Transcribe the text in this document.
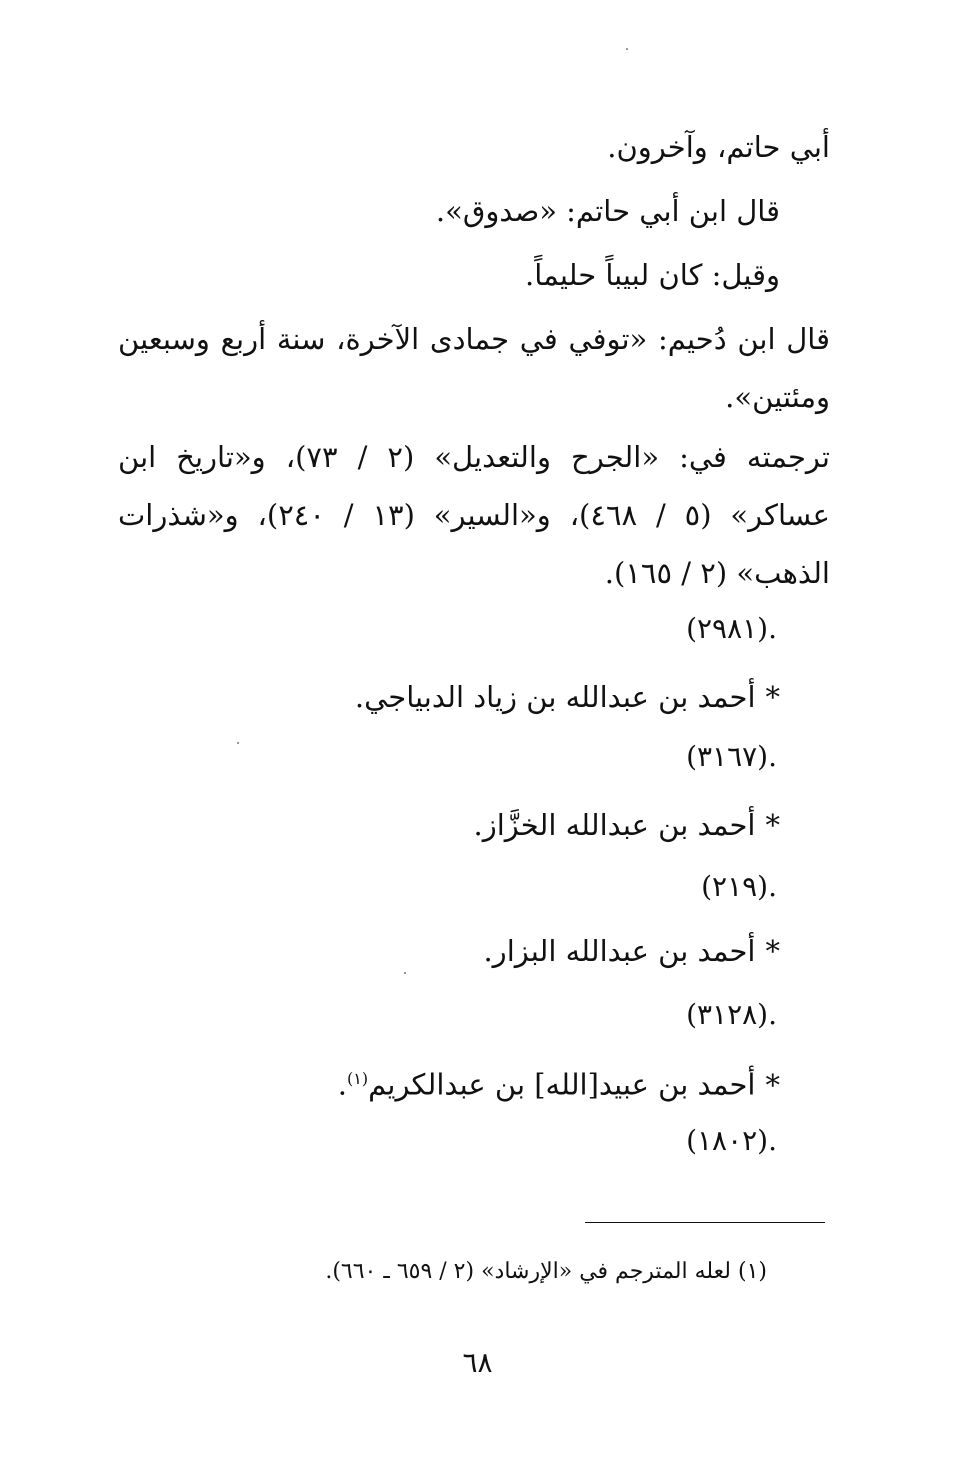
أبي حاتم، وآخرون.
قال ابن أبي حاتم: «صدوق».
وقيل: كان لبيباً حليماً.
قال ابن دُحيم: «توفي في جمادى الآخرة، سنة أربع وسبعين ومئتين».
ترجمته في: «الجرح والتعديل» (٢ / ٧٣)، و«تاريخ ابن عساكر» (٥ / ٤٦٨)، و«السير» (١٣ / ٢٤٠)، و«شذرات الذهب» (٢ / ١٦٥).
.(٢٩٨١)
*أحمد بن عبدالله بن زياد الدبياجي.
.(٣١٦٧)
*أحمد بن عبدالله الخزَّاز.
.(٢١٩)
*أحمد بن عبدالله البزار.
.(٣١٢٨)
*أحمد بن عبيد[الله] بن عبدالكريم$^{(١)}$.
.(١٨٠٢)
(١) لعله المترجم في «الإرشاد» (٢ / ٦٥٩ ـ ٦٦٠).
٦٨
